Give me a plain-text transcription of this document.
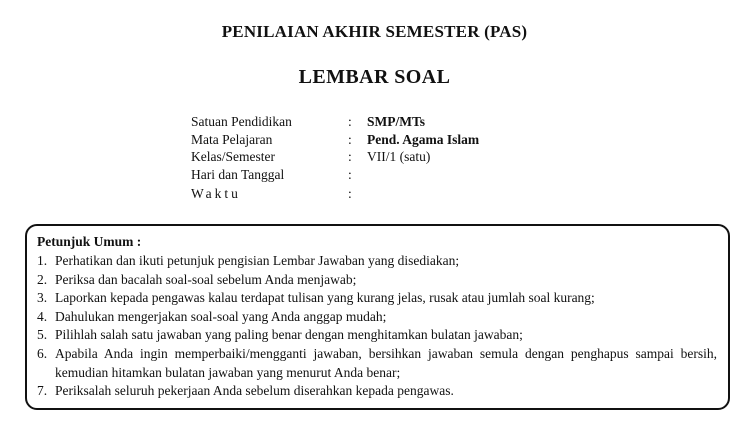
PENILAIAN AKHIR SEMESTER (PAS)
LEMBAR SOAL
Satuan Pendidikan	: SMP/MTs
Mata Pelajaran	: Pend. Agama Islam
Kelas/Semester	: VII/1 (satu)
Hari dan Tanggal	:
Waktu	:
Petunjuk Umum :
1. Perhatikan dan ikuti petunjuk pengisian Lembar Jawaban yang disediakan;
2. Periksa dan bacalah soal-soal sebelum Anda menjawab;
3. Laporkan kepada pengawas kalau terdapat tulisan yang kurang jelas, rusak atau jumlah soal kurang;
4. Dahulukan mengerjakan soal-soal yang Anda anggap mudah;
5. Pilihlah salah satu jawaban yang paling benar dengan menghitamkan bulatan jawaban;
6. Apabila Anda ingin memperbaiki/mengganti jawaban, bersihkan jawaban semula dengan penghapus sampai bersih, kemudian hitamkan bulatan jawaban yang menurut Anda benar;
7. Periksalah seluruh pekerjaan Anda sebelum diserahkan kepada pengawas.
